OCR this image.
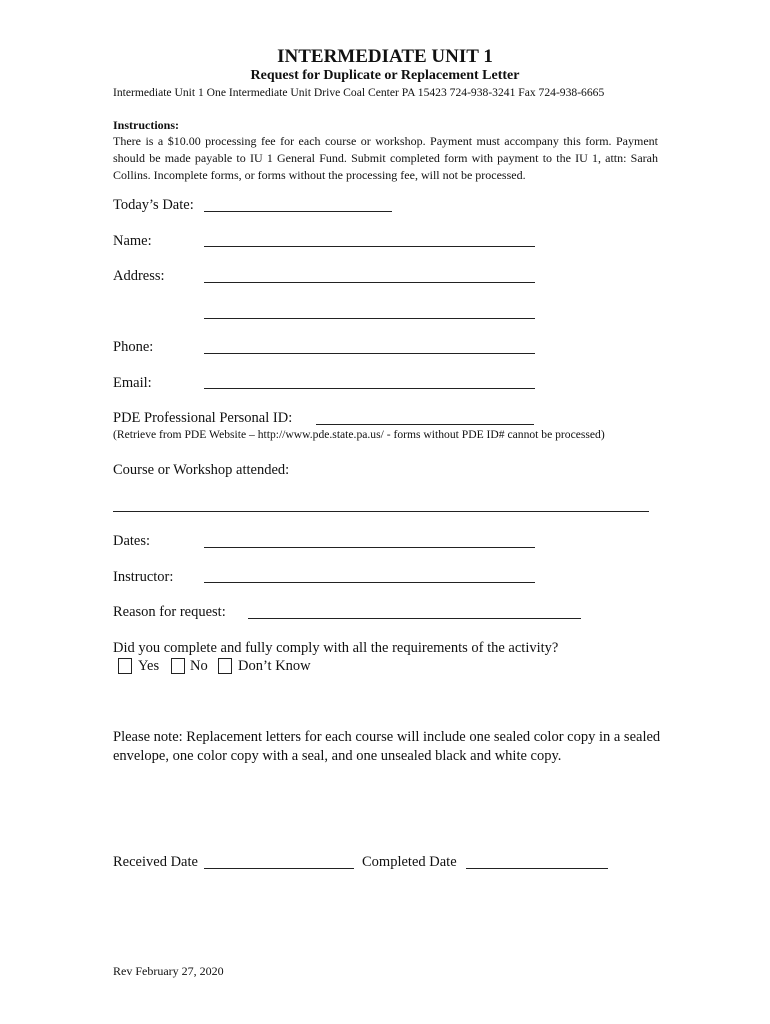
INTERMEDIATE UNIT 1
Request for Duplicate or Replacement Letter
Intermediate Unit 1 One Intermediate Unit Drive Coal Center PA 15423 724-938-3241 Fax 724-938-6665
Instructions:
There is a $10.00 processing fee for each course or workshop. Payment must accompany this form. Payment should be made payable to IU 1 General Fund. Submit completed form with payment to the IU 1, attn: Sarah Collins. Incomplete forms, or forms without the processing fee, will not be processed.
Today’s Date:
Name:
Address:
Phone:
Email:
PDE Professional Personal ID:
(Retrieve from PDE Website – http://www.pde.state.pa.us/ - forms without PDE ID# cannot be processed)
Course or Workshop attended:
Dates:
Instructor:
Reason for request:
Did you complete and fully comply with all the requirements of the activity?
Yes No Don’t Know
Please note: Replacement letters for each course will include one sealed color copy in a sealed envelope, one color copy with a seal, and one unsealed black and white copy.
Received Date	Completed Date
Rev February 27, 2020
